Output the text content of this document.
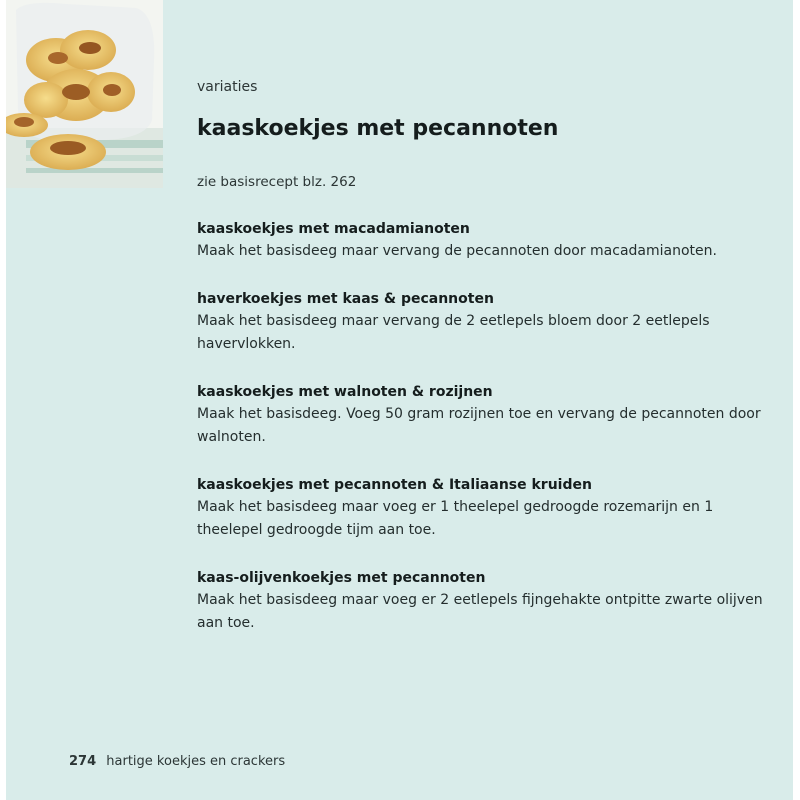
variaties
kaaskoekjes met pecannoten
zie basisrecept blz. 262
kaaskoekjes met macadamianoten
Maak het basisdeeg maar vervang de pecannoten door macadamianoten.
haverkoekjes met kaas & pecannoten
Maak het basisdeeg maar vervang de 2 eetlepels bloem door 2 eetlepels havervlokken.
kaaskoekjes met walnoten & rozijnen
Maak het basisdeeg. Voeg 50 gram rozijnen toe en vervang de pecannoten door walnoten.
kaaskoekjes met pecannoten & Italiaanse kruiden
Maak het basisdeeg maar voeg er 1 theelepel gedroogde rozemarijn en 1 theelepel gedroogde tijm aan toe.
kaas-olijvenkoekjes met pecannoten
Maak het basisdeeg maar voeg er 2 eetlepels fijngehakte ontpitte zwarte olijven aan toe.
274 hartige koekjes en crackers
